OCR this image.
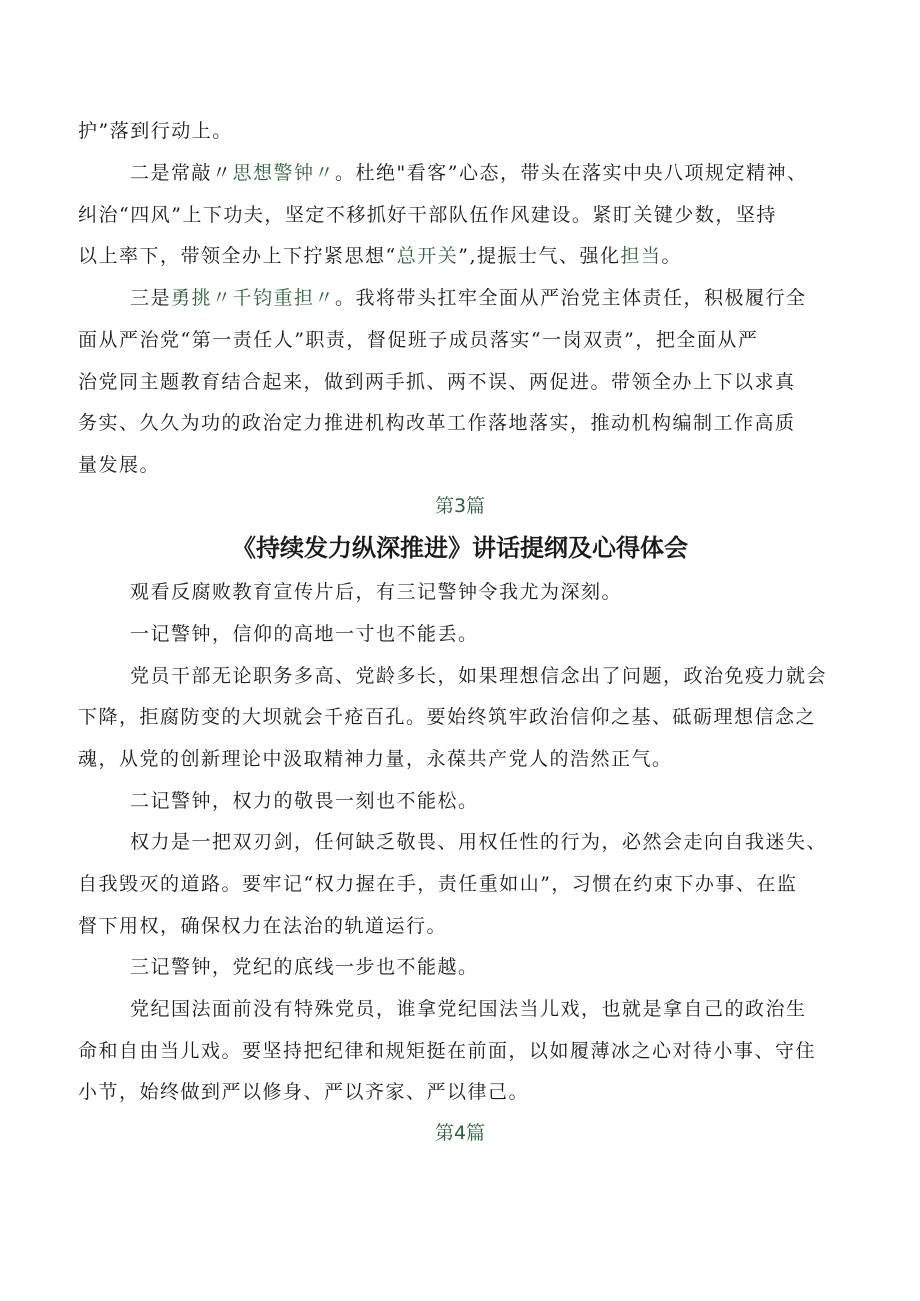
护”落到行动上。
二是常敲〃思想警钟〃。杜绝"看客”心态，带头在落实中央八项规定精神、
纠治“四风”上下功夫，坚定不移抓好干部队伍作风建设。紧盯关键少数，坚持
以上率下，带领全办上下拧紧思想“总开关”,提振士气、强化担当。
三是勇挑〃千钧重担〃。我将带头扛牢全面从严治党主体责任，积极履行全
面从严治党“第一责任人”职责，督促班子成员落实“一岗双责”，把全面从严
治党同主题教育结合起来，做到两手抓、两不误、两促进。带领全办上下以求真
务实、久久为功的政治定力推进机构改革工作落地落实，推动机构编制工作高质
量发展。
第3篇
《持续发力纵深推进》讲话提纲及心得体会
观看反腐败教育宣传片后，有三记警钟令我尤为深刻。
一记警钟，信仰的高地一寸也不能丢。
党员干部无论职务多高、党龄多长，如果理想信念出了问题，政治免疫力就会
下降，拒腐防变的大坝就会千疮百孔。要始终筑牢政治信仰之基、砥砺理想信念之
魂，从党的创新理论中汲取精神力量，永葆共产党人的浩然正气。
二记警钟，权力的敬畏一刻也不能松。
权力是一把双刃剑，任何缺乏敬畏、用权任性的行为，必然会走向自我迷失、
自我毁灭的道路。要牢记“权力握在手，责任重如山”，习惯在约束下办事、在监
督下用权，确保权力在法治的轨道运行。
三记警钟，党纪的底线一步也不能越。
党纪国法面前没有特殊党员，谁拿党纪国法当儿戏，也就是拿自己的政治生
命和自由当儿戏。要坚持把纪律和规矩挺在前面，以如履薄冰之心对待小事、守住
小节，始终做到严以修身、严以齐家、严以律己。
第4篇
